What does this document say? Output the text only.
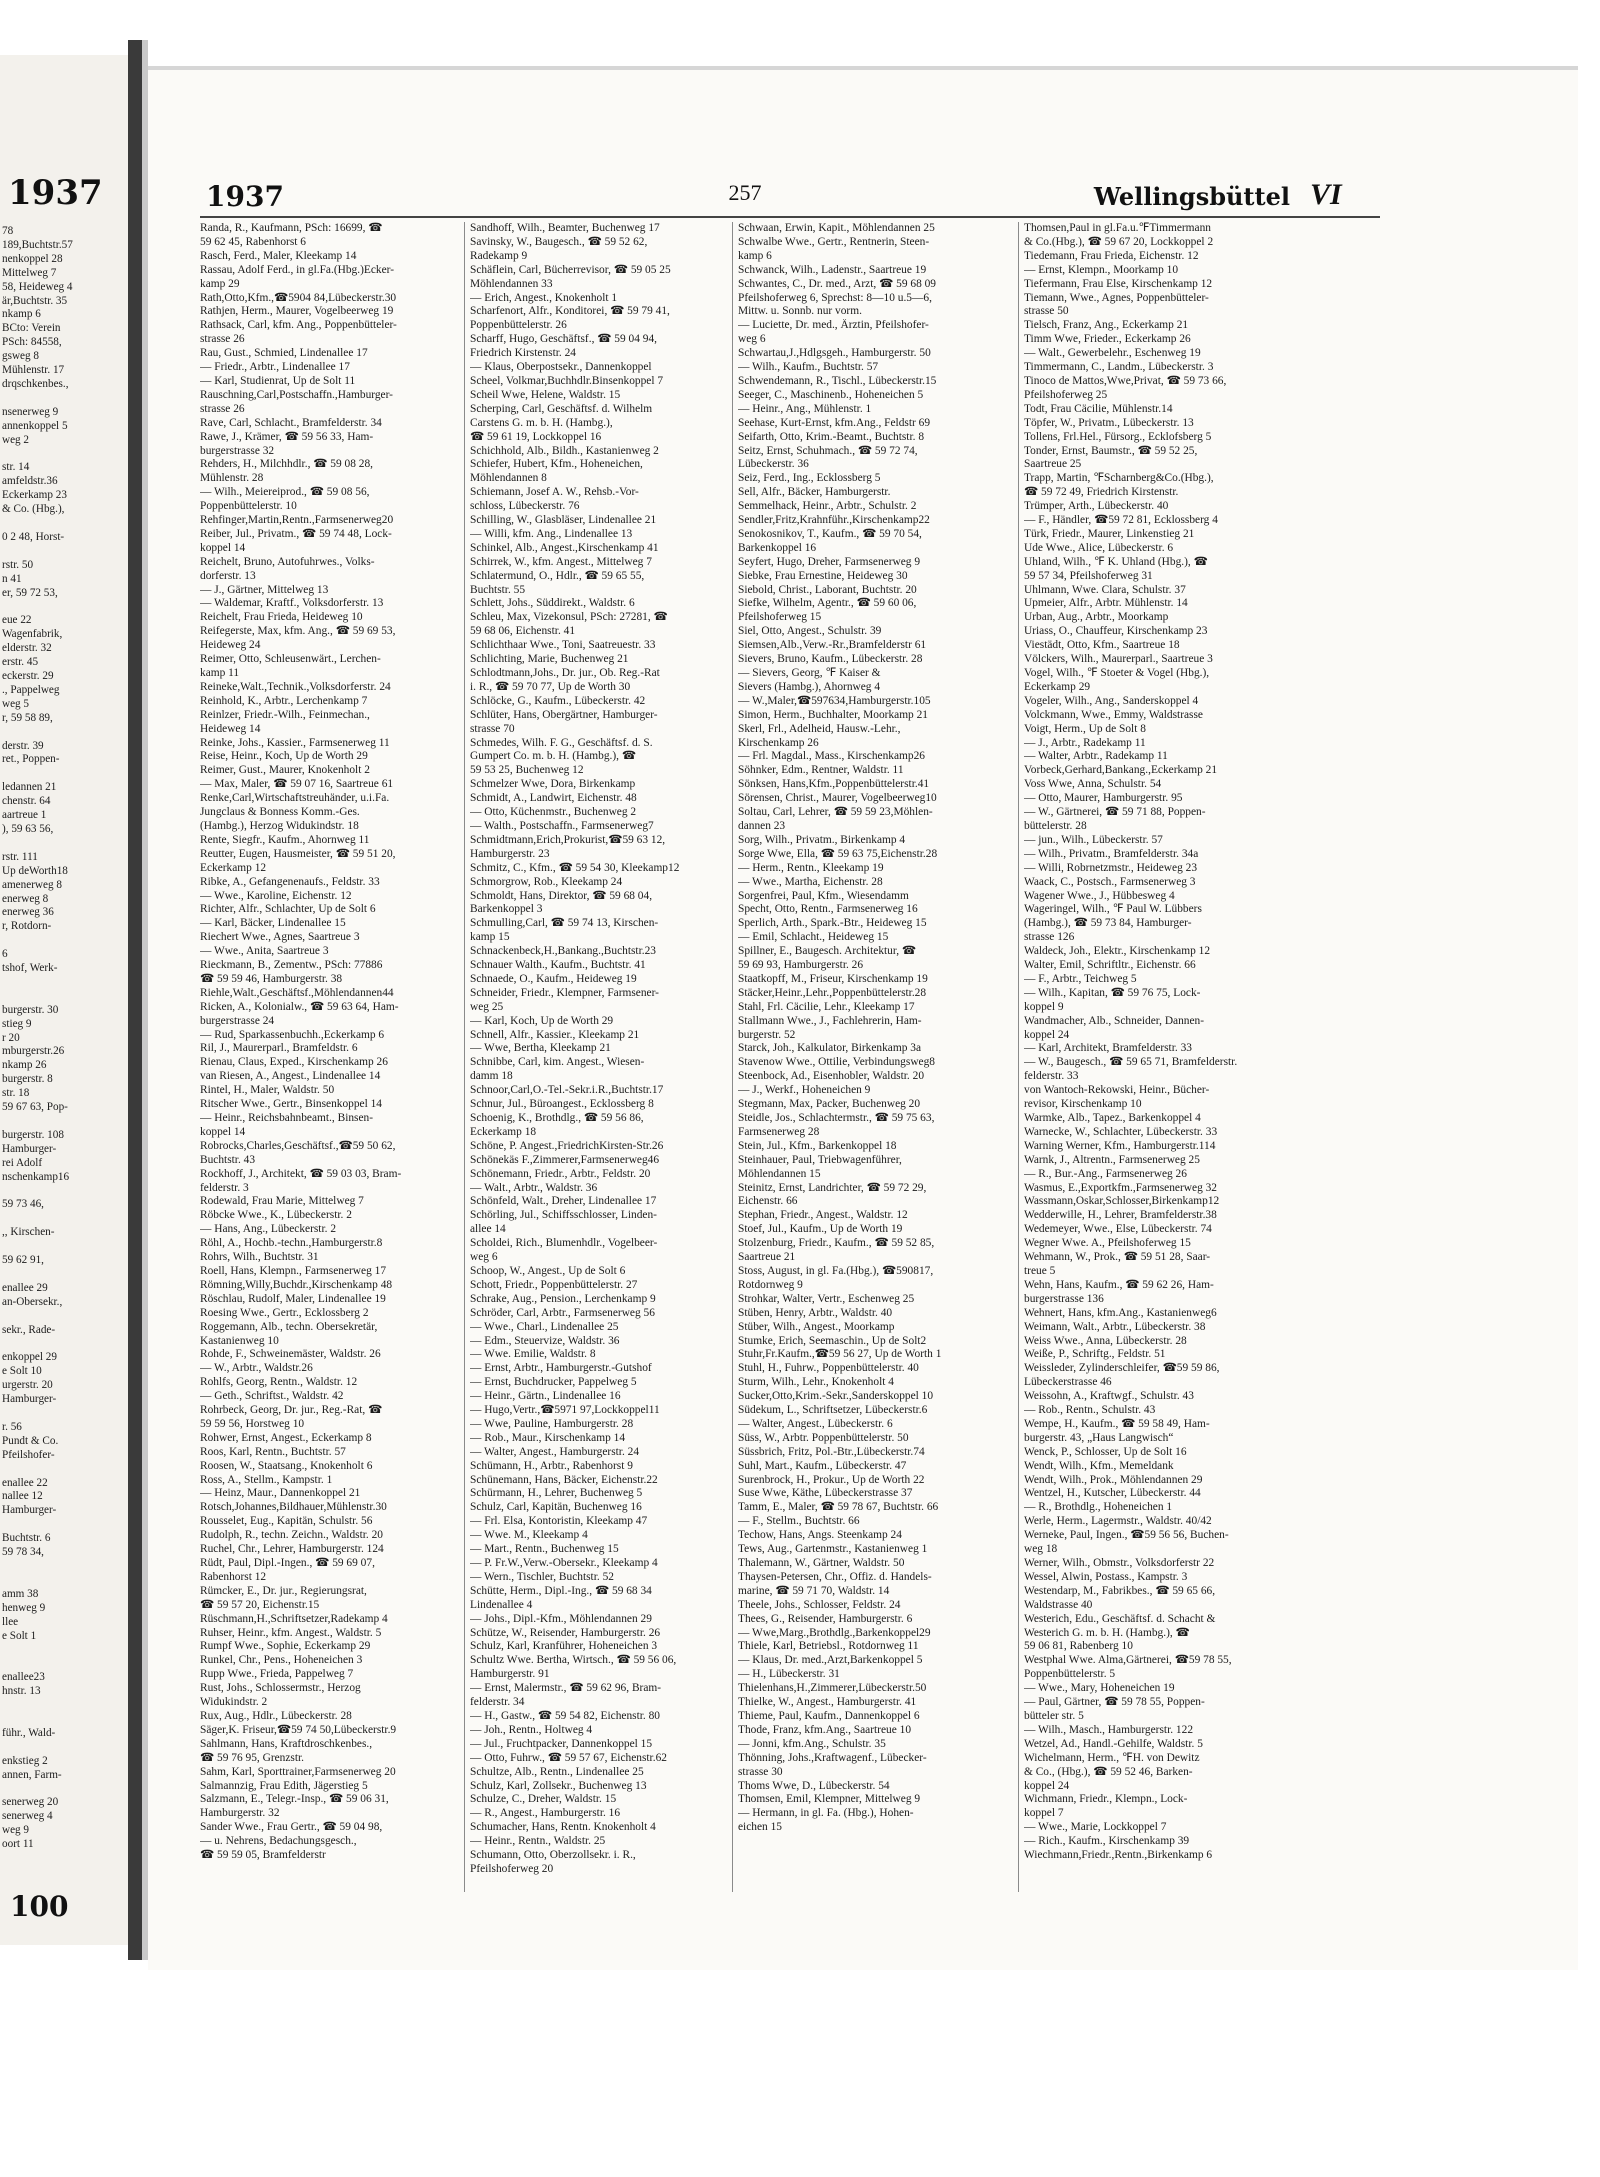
1937
78
189,Buchtstr.57
nenkoppel 28
Mittelweg 7
58, Heideweg 4
är,Buchtstr. 35
nkamp 6
BCto: Verein
PSch: 84558,
gsweg 8
Mühlenstr. 17
drqschkenbes.,

nsenerweg 9
annenkoppel 5
weg 2

str. 14
amfeldstr.36
Eckerkamp 23
& Co. (Hbg.),

0 2 48, Horst-

rstr. 50
n 41
er, 59 72 53,

eue 22
Wagenfabrik,
elderstr. 32
erstr. 45
eckerstr. 29
., Pappelweg
weg 5
r, 59 58 89,

derstr. 39
ret., Poppen-

ledannen 21
chenstr. 64
aartreue 1
), 59 63 56,

rstr. 111
Up deWorth18
amenerweg 8
enerweg 8
enerweg 36
r, Rotdorn-

6
tshof, Werk-

burgerstr. 30
stieg 9
r 20
mburgerstr.26
nkamp 26
burgerstr. 8
str. 18
59 67 63, Pop-

burgerstr. 108
Hamburger-
rei Adolf
nschenkamp16

59 73 46,

,, Kirschen-

59 62 91,

enallee 29
an-Obersekr.,

sekr., Rade-

enkoppel 29
e Solt 10
urgerstr. 20
Hamburger-

r. 56
Pundt & Co.
Pfeilshofer-

enallee 22
nallee 12
Hamburger-

Buchtstr. 6
59 78 34,

amm 38
henweg 9
llee
e Solt 1

enallee23
hnstr. 13

führ., Wald-

enkstieg 2
annen, Farm-

senerweg 20
senerweg 4
weg 9
oort 11
100
1937	257	Wellingsbüttel VI
Randa, R., Kaufmann, PSch: 16699, ☎
59 62 45, Rabenhorst 6
Rasch, Ferd., Maler, Kleekamp 14
Rassau, Adolf Ferd., in gl.Fa.(Hbg.)Ecker-
kamp 29
Rath,Otto,Kfm.,☎5904 84,Lübeckerstr.30
Rathjen, Herm., Maurer, Vogelbeerweg 19
Rathsack, Carl, kfm. Ang., Poppenbütteler-
strasse 26
Rau, Gust., Schmied, Lindenallee 17
— Friedr., Arbtr., Lindenallee 17
— Karl, Studienrat, Up de Solt 11
Rauschning,Carl,Postschaffn.,Hamburger-
strasse 26
Rave, Carl, Schlacht., Bramfelderstr. 34
Rawe, J., Krämer, ☎ 59 56 33, Ham-
burgerstrasse 32
Rehders, H., Milchhdlr., ☎ 59 08 28,
Mühlenstr. 28
— Wilh., Meiereiprod., ☎ 59 08 56,
Poppenbüttelerstr. 10
Rehfinger,Martin,Rentn.,Farmsenerweg20
Reiber, Jul., Privatm., ☎ 59 74 48, Lock-
koppel 14
Reichelt, Bruno, Autofuhrwes., Volks-
dorferstr. 13
— J., Gärtner, Mittelweg 13
— Waldemar, Kraftf., Volksdorferstr. 13
Reichelt, Frau Frieda, Heideweg 10
Reifegerste, Max, kfm. Ang., ☎ 59 69 53,
Heideweg 24
Reimer, Otto, Schleusenwärt., Lerchen-
kamp 11
Reineke,Walt.,Technik.,Volksdorferstr. 24
Reinhold, K., Arbtr., Lerchenkamp 7
Reinlzer, Friedr.-Wilh., Feinmechan.,
Heideweg 14
Reinke, Johs., Kassier., Farmsenerweg 11
Reise, Heinr., Koch, Up de Worth 29
Reimer, Gust., Maurer, Knokenholt 2
— Max, Maler, ☎ 59 07 16, Saartreue 61
Renke,Carl,Wirtschaftstreuhänder, u.i.Fa.
Jungclaus & Bonness Komm.-Ges.
(Hambg.), Herzog Widukindstr. 18
Rente, Siegfr., Kaufm., Ahornweg 11
Reutter, Eugen, Hausmeister, ☎ 59 51 20,
Eckerkamp 12
Ribke, A., Gefangenenaufs., Feldstr. 33
— Wwe., Karoline, Eichenstr. 12
Richter, Alfr., Schlachter, Up de Solt 6
— Karl, Bäcker, Lindenallee 15
Riechert Wwe., Agnes, Saartreue 3
— Wwe., Anita, Saartreue 3
Rieckmann, B., Zementw., PSch: 77886
☎ 59 59 46, Hamburgerstr. 38
Riehle,Walt.,Geschäftsf.,Möhlendannen44
Ricken, A., Kolonialw., ☎ 59 63 64, Ham-
burgerstrasse 24
— Rud, Sparkassenbuchh.,Eckerkamp 6
Ril, J., Maurerparl., Bramfeldstr. 6
Rienau, Claus, Exped., Kirschenkamp 26
van Riesen, A., Angest., Lindenallee 14
Rintel, H., Maler, Waldstr. 50
Ritscher Wwe., Gertr., Binsenkoppel 14
— Heinr., Reichsbahnbeamt., Binsen-
koppel 14
Robrocks,Charles,Geschäftsf.,☎59 50 62,
Buchtstr. 43
Rockhoff, J., Architekt, ☎ 59 03 03, Bram-
felderstr. 3
Rodewald, Frau Marie, Mittelweg 7
Röbcke Wwe., K., Lübeckerstr. 2
— Hans, Ang., Lübeckerstr. 2
Röhl, A., Hochb.-techn.,Hamburgerstr.8
Rohrs, Wilh., Buchtstr. 31
Roell, Hans, Klempn., Farmsenerweg 17
Römning,Willy,Buchdr.,Kirschenkamp 48
Röschlau, Rudolf, Maler, Lindenallee 19
Roesing Wwe., Gertr., Ecklossberg 2
Roggemann, Alb., techn. Obersekretär,
Kastanienweg 10
Rohde, F., Schweinemäster, Waldstr. 26
— W., Arbtr., Waldstr.26
Rohlfs, Georg, Rentn., Waldstr. 12
— Geth., Schriftst., Waldstr. 42
Rohrbeck, Georg, Dr. jur., Reg.-Rat, ☎
59 59 56, Horstweg 10
Rohwer, Ernst, Angest., Eckerkamp 8
Roos, Karl, Rentn., Buchtstr. 57
Roosen, W., Staatsang., Knokenholt 6
Ross, A., Stellm., Kampstr. 1
— Heinz, Maur., Dannenkoppel 21
Rotsch,Johannes,Bildhauer,Mühlenstr.30
Rousselet, Eug., Kapitän, Schulstr. 56
Rudolph, R., techn. Zeichn., Waldstr. 20
Ruchel, Chr., Lehrer, Hamburgerstr. 124
Rüdt, Paul, Dipl.-Ingen., ☎ 59 69 07,
Rabenhorst 12
Rümcker, E., Dr. jur., Regierungsrat,
☎ 59 57 20, Eichenstr.15
Rüschmann,H.,Schriftsetzer,Radekamp 4
Ruhser, Heinr., kfm. Angest., Waldstr. 5
Rumpf Wwe., Sophie, Eckerkamp 29
Runkel, Chr., Pens., Hoheneichen 3
Rupp Wwe., Frieda, Pappelweg 7
Rust, Johs., Schlossermstr., Herzog
Widukindstr. 2
Rux, Aug., Hdlr., Lübeckerstr. 28
Säger,K. Friseur,☎59 74 50,Lübeckerstr.9
Sahlmann, Hans, Kraftdroschkenbes.,
☎ 59 76 95, Grenzstr.
Sahm, Karl, Sporttrainer,Farmsenerweg 20
Salmannzig, Frau Edith, Jägerstieg 5
Salzmann, E., Telegr.-Insp., ☎ 59 06 31,
Hamburgerstr. 32
Sander Wwe., Frau Gertr., ☎ 59 04 98,
— u. Nehrens, Bedachungsgesch.,
☎ 59 59 05, Bramfelderstr
Sandhoff, Wilh., Beamter, Buchenweg 17
Savinsky, W., Baugesch., ☎ 59 52 62,
Radekamp 9
Schäflein, Carl, Bücherrevisor, ☎ 59 05 25
Möhlendannen 33
— Erich, Angest., Knokenholt 1
Scharfenort, Alfr., Konditorei, ☎ 59 79 41,
Poppenbüttelerstr. 26
Scharff, Hugo, Geschäftsf., ☎ 59 04 94,
Friedrich Kirstenstr. 24
— Klaus, Oberpostsekr., Dannenkoppel
Scheel, Volkmar,Buchhdlr.Binsenkoppel 7
Scheil Wwe, Helene, Waldstr. 15
Scherping, Carl, Geschäftsf. d. Wilhelm
Carstens G. m. b. H. (Hambg.),
☎ 59 61 19, Lockkoppel 16
Schichhold, Alb., Bildh., Kastanienweg 2
Schiefer, Hubert, Kfm., Hoheneichen,
Möhlendannen 8
Schiemann, Josef A. W., Rehsb.-Vor-
schloss, Lübeckerstr. 76
Schilling, W., Glasbläser, Lindenallee 21
— Willi, kfm. Ang., Lindenallee 13
Schinkel, Alb., Angest.,Kirschenkamp 41
Schirrek, W., kfm. Angest., Mittelweg 7
Schlatermund, O., Hdlr., ☎ 59 65 55,
Buchtstr. 55
Schlett, Johs., Süddirekt., Waldstr. 6
Schleu, Max, Vizekonsul, PSch: 27281, ☎
59 68 06, Eichenstr. 41
Schlichthaar Wwe., Toni, Saatreuestr. 33
Schlichting, Marie, Buchenweg 21
Schlodtmann,Johs., Dr. jur., Ob. Reg.-Rat
i. R., ☎ 59 70 77, Up de Worth 30
Schlöcke, G., Kaufm., Lübeckerstr. 42
Schlüter, Hans, Obergärtner, Hamburger-
strasse 70
Schmedes, Wilh. F. G., Geschäftsf. d. S.
Gumpert Co. m. b. H. (Hambg.), ☎
59 53 25, Buchenweg 12
Schmelzer Wwe, Dora, Birkenkamp
Schmidt, A., Landwirt, Eichenstr. 48
— Otto, Küchenmstr., Buchenweg 2
— Walth., Postschaffn., Farmsenerweg7
Schmidtmann,Erich,Prokurist,☎59 63 12,
Hamburgerstr. 23
Schmitz, C., Kfm., ☎ 59 54 30, Kleekamp12
Schmorgrow, Rob., Kleekamp 24
Schmoldt, Hans, Direktor, ☎ 59 68 04,
Barkenkoppel 3
Schmulling,Carl, ☎ 59 74 13, Kirschen-
kamp 15
Schnackenbeck,H.,Bankang.,Buchtstr.23
Schnauer Walth., Kaufm., Buchtstr. 41
Schnaede, O., Kaufm., Heideweg 19
Schneider, Friedr., Klempner, Farmsener-
weg 25
— Karl, Koch, Up de Worth 29
Schnell, Alfr., Kassier., Kleekamp 21
— Wwe, Bertha, Kleekamp 21
Schnibbe, Carl, kim. Angest., Wiesen-
damm 18
Schnoor,Carl,O.-Tel.-Sekr.i.R.,Buchtstr.17
Schnur, Jul., Büroangest., Ecklossberg 8
Schoenig, K., Brothdlg., ☎ 59 56 86,
Eckerkamp 18
Schöne, P. Angest.,FriedrichKirsten-Str.26
Schönekäs F.,Zimmerer,Farmsenerweg46
Schönemann, Friedr., Arbtr., Feldstr. 20
— Walt., Arbtr., Waldstr. 36
Schönfeld, Walt., Dreher, Lindenallee 17
Schörling, Jul., Schiffsschlosser, Linden-
allee 14
Scholdei, Rich., Blumenhdlr., Vogelbeer-
weg 6
Schoop, W., Angest., Up de Solt 6
Schott, Friedr., Poppenbüttelerstr. 27
Schrake, Aug., Pension., Lerchenkamp 9
Schröder, Carl, Arbtr., Farmsenerweg 56
— Wwe., Charl., Lindenallee 25
— Edm., Steuervize, Waldstr. 36
— Wwe. Emilie, Waldstr. 8
— Ernst, Arbtr., Hamburgerstr.-Gutshof
— Ernst, Buchdrucker, Pappelweg 5
— Heinr., Gärtn., Lindenallee 16
— Hugo,Vertr.,☎5971 97,Lockkoppel11
— Wwe, Pauline, Hamburgerstr. 28
— Rob., Maur., Kirschenkamp 14
— Walter, Angest., Hamburgerstr. 24
Schümann, H., Arbtr., Rabenhorst 9
Schünemann, Hans, Bäcker, Eichenstr.22
Schürmann, H., Lehrer, Buchenweg 5
Schulz, Carl, Kapitän, Buchenweg 16
— Frl. Elsa, Kontoristin, Kleekamp 47
— Wwe. M., Kleekamp 4
— Mart., Rentn., Buchenweg 15
— P. Fr.W.,Verw.-Obersekr., Kleekamp 4
— Wern., Tischler, Buchtstr. 52
Schütte, Herm., Dipl.-Ing., ☎ 59 68 34
Lindenallee 4
— Johs., Dipl.-Kfm., Möhlendannen 29
Schütze, W., Reisender, Hamburgerstr. 26
Schulz, Karl, Kranführer, Hoheneichen 3
Schultz Wwe. Bertha, Wirtsch., ☎ 59 56 06,
Hamburgerstr. 91
— Ernst, Malermstr., ☎ 59 62 96, Bram-
felderstr. 34
— H., Gastw., ☎ 59 54 82, Eichenstr. 80
— Joh., Rentn., Holtweg 4
— Jul., Fruchtpacker, Dannenkoppel 15
— Otto, Fuhrw., ☎ 59 57 67, Eichenstr.62
Schultze, Alb., Rentn., Lindenallee 25
Schulz, Karl, Zollsekr., Buchenweg 13
Schulze, C., Dreher, Waldstr. 15
— R., Angest., Hamburgerstr. 16
Schumacher, Hans, Rentn. Knokenholt 4
— Heinr., Rentn., Waldstr. 25
Schumann, Otto, Oberzollsekr. i. R.,
Pfeilshoferweg 20
Schwaan, Erwin, Kapit., Möhlendannen 25
Schwalbe Wwe., Gertr., Rentnerin, Steen-
kamp 6
Schwanck, Wilh., Ladenstr., Saartreue 19
Schwantes, C., Dr. med., Arzt, ☎ 59 68 09
Pfeilshoferweg 6, Sprechst: 8—10 u.5—6,
Mittw. u. Sonnb. nur vorm.
— Luciette, Dr. med., Ärztin, Pfeilshofer-
weg 6
Schwartau,J.,Hdlgsgeh., Hamburgerstr. 50
— Wilh., Kaufm., Buchtstr. 57
Schwendemann, R., Tischl., Lübeckerstr.15
Seeger, C., Maschinenb., Hoheneichen 5
— Heinr., Ang., Mühlenstr. 1
Seehase, Kurt-Ernst, kfm.Ang., Feldstr 69
Seifarth, Otto, Krim.-Beamt., Buchtstr. 8
Seitz, Ernst, Schuhmach., ☎ 59 72 74,
Lübeckerstr. 36
Seiz, Ferd., Ing., Ecklossberg 5
Sell, Alfr., Bäcker, Hamburgerstr.
Semmelhack, Heinr., Arbtr., Schulstr. 2
Sendler,Fritz,Krahnführ.,Kirschenkamp22
Senokosnikov, T., Kaufm., ☎ 59 70 54,
Barkenkoppel 16
Seyfert, Hugo, Dreher, Farmsenerweg 9
Siebke, Frau Ernestine, Heideweg 30
Siebold, Christ., Laborant, Buchtstr. 20
Siefke, Wilhelm, Agentr., ☎ 59 60 06,
Pfeilshoferweg 15
Siel, Otto, Angest., Schulstr. 39
Siemsen,Alb.,Verw.-Rr.,Bramfelderstr 61
Sievers, Bruno, Kaufm., Lübeckerstr. 28
— Sievers, Georg, ℉ Kaiser &
Sievers (Hambg.), Ahornweg 4
— W.,Maler,☎597634,Hamburgerstr.105
Simon, Herm., Buchhalter, Moorkamp 21
Skerl, Frl., Adelheid, Hausw.-Lehr.,
Kirschenkamp 26
— Frl. Magdal., Mass., Kirschenkamp26
Söhnker, Edm., Rentner, Waldstr. 11
Sönksen, Hans,Kfm.,Poppenbüttelerstr.41
Sörensen, Christ., Maurer, Vogelbeerweg10
Soltau, Carl, Lehrer, ☎ 59 59 23,Möhlen-
dannen 23
Sorg, Wilh., Privatm., Birkenkamp 4
Sorge Wwe, Ella, ☎ 59 63 75,Eichenstr.28
— Herm., Rentn., Kleekamp 19
— Wwe., Martha, Eichenstr. 28
Sorgenfrei, Paul, Kfm., Wiesendamm
Specht, Otto, Rentn., Farmsenerweg 16
Sperlich, Arth., Spark.-Btr., Heideweg 15
— Emil, Schlacht., Heideweg 15
Spillner, E., Baugesch. Architektur, ☎
59 69 93, Hamburgerstr. 26
Staatkopff, M., Friseur, Kirschenkamp 19
Stäcker,Heinr.,Lehr.,Poppenbüttelerstr.28
Stahl, Frl. Cäcilie, Lehr., Kleekamp 17
Stallmann Wwe., J., Fachlehrerin, Ham-
burgerstr. 52
Starck, Joh., Kalkulator, Birkenkamp 3a
Stavenow Wwe., Ottilie, Verbindungsweg8
Steenbock, Ad., Eisenhobler, Waldstr. 20
— J., Werkf., Hoheneichen 9
Stegmann, Max, Packer, Buchenweg 20
Steidle, Jos., Schlachtermstr., ☎ 59 75 63,
Farmsenerweg 28
Stein, Jul., Kfm., Barkenkoppel 18
Steinhauer, Paul, Triebwagenführer,
Möhlendannen 15
Steinitz, Ernst, Landrichter, ☎ 59 72 29,
Eichenstr. 66
Stephan, Friedr., Angest., Waldstr. 12
Stoef, Jul., Kaufm., Up de Worth 19
Stolzenburg, Friedr., Kaufm., ☎ 59 52 85,
Saartreue 21
Stoss, August, in gl. Fa.(Hbg.), ☎590817,
Rotdornweg 9
Strohkar, Walter, Vertr., Eschenweg 25
Stüben, Henry, Arbtr., Waldstr. 40
Stüber, Wilh., Angest., Moorkamp
Stumke, Erich, Seemaschin., Up de Solt2
Stuhr,Fr.Kaufm.,☎59 56 27, Up de Worth 1
Stuhl, H., Fuhrw., Poppenbüttelerstr. 40
Sturm, Wilh., Lehr., Knokenholt 4
Sucker,Otto,Krim.-Sekr.,Sanderskoppel 10
Südekum, L., Schriftsetzer, Lübeckerstr.6
— Walter, Angest., Lübeckerstr. 6
Süss, W., Arbtr. Poppenbüttelerstr. 50
Süssbrich, Fritz, Pol.-Btr.,Lübeckerstr.74
Suhl, Mart., Kaufm., Lübeckerstr. 47
Surenbrock, H., Prokur., Up de Worth 22
Suse Wwe, Käthe, Lübeckerstrasse 37
Tamm, E., Maler, ☎ 59 78 67, Buchtstr. 66
— F., Stellm., Buchtstr. 66
Techow, Hans, Angs. Steenkamp 24
Tews, Aug., Gartenmstr., Kastanienweg 1
Thalemann, W., Gärtner, Waldstr. 50
Thaysen-Petersen, Chr., Offiz. d. Handels-
marine, ☎ 59 71 70, Waldstr. 14
Theele, Johs., Schlosser, Feldstr. 24
Thees, G., Reisender, Hamburgerstr. 6
— Wwe,Marg.,Brothdlg.,Barkenkoppel29
Thiele, Karl, Betriebsl., Rotdornweg 11
— Klaus, Dr. med.,Arzt,Barkenkoppel 5
— H., Lübeckerstr. 31
Thielenhans,H.,Zimmerer,Lübeckerstr.50
Thielke, W., Angest., Hamburgerstr. 41
Thieme, Paul, Kaufm., Dannenkoppel 6
Thode, Franz, kfm.Ang., Saartreue 10
— Jonni, kfm.Ang., Schulstr. 35
Thönning, Johs.,Kraftwagenf., Lübecker-
strasse 30
Thoms Wwe, D., Lübeckerstr. 54
Thomsen, Emil, Klempner, Mittelweg 9
— Hermann, in gl. Fa. (Hbg.), Hohen-
eichen 15
Thomsen,Paul in gl.Fa.u.℉Timmermann
& Co.(Hbg.), ☎ 59 67 20, Lockkoppel 2
Tiedemann, Frau Frieda, Eichenstr. 12
— Ernst, Klempn., Moorkamp 10
Tiefermann, Frau Else, Kirschenkamp 12
Tiemann, Wwe., Agnes, Poppenbütteler-
strasse 50
Tielsch, Franz, Ang., Eckerkamp 21
Timm Wwe, Frieder., Eckerkamp 26
— Walt., Gewerbelehr., Eschenweg 19
Timmermann, C., Landm., Lübeckerstr. 3
Tinoco de Mattos,Wwe,Privat, ☎ 59 73 66,
Pfeilshoferweg 25
Todt, Frau Cäcilie, Mühlenstr.14
Töpfer, W., Privatm., Lübeckerstr. 13
Tollens, Frl.Hel., Fürsorg., Ecklofsberg 5
Tonder, Ernst, Baumstr., ☎ 59 52 25,
Saartreue 25
Trapp, Martin, ℉Scharnberg&Co.(Hbg.),
☎ 59 72 49, Friedrich Kirstenstr.
Trümper, Arth., Lübeckerstr. 40
— F., Händler, ☎59 72 81, Ecklossberg 4
Türk, Friedr., Maurer, Linkenstieg 21
Ude Wwe., Alice, Lübeckerstr. 6
Uhland, Wilh., ℉ K. Uhland (Hbg.), ☎
59 57 34, Pfeilshoferweg 31
Uhlmann, Wwe. Clara, Schulstr. 37
Upmeier, Alfr., Arbtr. Mühlenstr. 14
Urban, Aug., Arbtr., Moorkamp
Uriass, O., Chauffeur, Kirschenkamp 23
Viestädt, Otto, Kfm., Saartreue 18
Völckers, Wilh., Maurerparl., Saartreue 3
Vogel, Wilh., ℉ Stoeter & Vogel (Hbg.),
Eckerkamp 29
Vogeler, Wilh., Ang., Sanderskoppel 4
Volckmann, Wwe., Emmy, Waldstrasse
Voigt, Herm., Up de Solt 8
— J., Arbtr., Radekamp 11
— Walter, Arbtr., Radekamp 11
Vorbeck,Gerhard,Bankang.,Eckerkamp 21
Voss Wwe, Anna, Schulstr. 54
— Otto, Maurer, Hamburgerstr. 95
— W., Gärtnerei, ☎ 59 71 88, Poppen-
büttelerstr. 28
— jun., Wilh., Lübeckerstr. 57
— Wilh., Privatm., Bramfelderstr. 34a
— Willi, Robrnetzmstr., Heideweg 23
Waack, C., Postsch., Farmsenerweg 3
Wagener Wwe., J., Hübbesweg 4
Wageringel, Wilh., ℉ Paul W. Lübbers
(Hambg.), ☎ 59 73 84, Hamburger-
strasse 126
Waldeck, Joh., Elektr., Kirschenkamp 12
Walter, Emil, Schriftltr., Eichenstr. 66
— F., Arbtr., Teichweg 5
— Wilh., Kapitan, ☎ 59 76 75, Lock-
koppel 9
Wandmacher, Alb., Schneider, Dannen-
koppel 24
— Karl, Architekt, Bramfelderstr. 33
— W., Baugesch., ☎ 59 65 71, Bramfelderstr.
felderstr. 33
von Wantoch-Rekowski, Heinr., Bücher-
revisor, Kirschenkamp 10
Warmke, Alb., Tapez., Barkenkoppel 4
Warnecke, W., Schlachter, Lübeckerstr. 33
Warning Werner, Kfm., Hamburgerstr.114
Warnk, J., Altrentn., Farmsenerweg 25
— R., Bur.-Ang., Farmsenerweg 26
Wasmus, E.,Exportkfm.,Farmsenerweg 32
Wassmann,Oskar,Schlosser,Birkenkamp12
Wedderwille, H., Lehrer, Bramfelderstr.38
Wedemeyer, Wwe., Else, Lübeckerstr. 74
Wegner Wwe. A., Pfeilshoferweg 15
Wehmann, W., Prok., ☎ 59 51 28, Saar-
treue 5
Wehn, Hans, Kaufm., ☎ 59 62 26, Ham-
burgerstrasse 136
Wehnert, Hans, kfm.Ang., Kastanienweg6
Weimann, Walt., Arbtr., Lübeckerstr. 38
Weiss Wwe., Anna, Lübeckerstr. 28
Weiße, P., Schriftg., Feldstr. 51
Weissleder, Zylinderschleifer, ☎59 59 86,
Lübeckerstrasse 46
Weissohn, A., Kraftwgf., Schulstr. 43
— Rob., Rentn., Schulstr. 43
Wempe, H., Kaufm., ☎ 59 58 49, Ham-
burgerstr. 43, „Haus Langwisch“
Wenck, P., Schlosser, Up de Solt 16
Wendt, Wilh., Kfm., Memeldank
Wendt, Wilh., Prok., Möhlendannen 29
Wentzel, H., Kutscher, Lübeckerstr. 44
— R., Brothdlg., Hoheneichen 1
Werle, Herm., Lagermstr., Waldstr. 40/42
Werneke, Paul, Ingen., ☎59 56 56, Buchen-
weg 18
Werner, Wilh., Obmstr., Volksdorferstr 22
Wessel, Alwin, Postass., Kampstr. 3
Westendarp, M., Fabrikbes., ☎ 59 65 66,
Waldstrasse 40
Westerich, Edu., Geschäftsf. d. Schacht &
Westerich G. m. b. H. (Hambg.), ☎
59 06 81, Rabenberg 10
Westphal Wwe. Alma,Gärtnerei, ☎59 78 55,
Poppenbüttelerstr. 5
— Wwe., Mary, Hoheneichen 19
— Paul, Gärtner, ☎ 59 78 55, Poppen-
bütteler str. 5
— Wilh., Masch., Hamburgerstr. 122
Wetzel, Ad., Handl.-Gehilfe, Waldstr. 5
Wichelmann, Herm., ℉H. von Dewitz
& Co., (Hbg.), ☎ 59 52 46, Barken-
koppel 24
Wichmann, Friedr., Klempn., Lock-
koppel 7
— Wwe., Marie, Lockkoppel 7
— Rich., Kaufm., Kirschenkamp 39
Wiechmann,Friedr.,Rentn.,Birkenkamp 6
